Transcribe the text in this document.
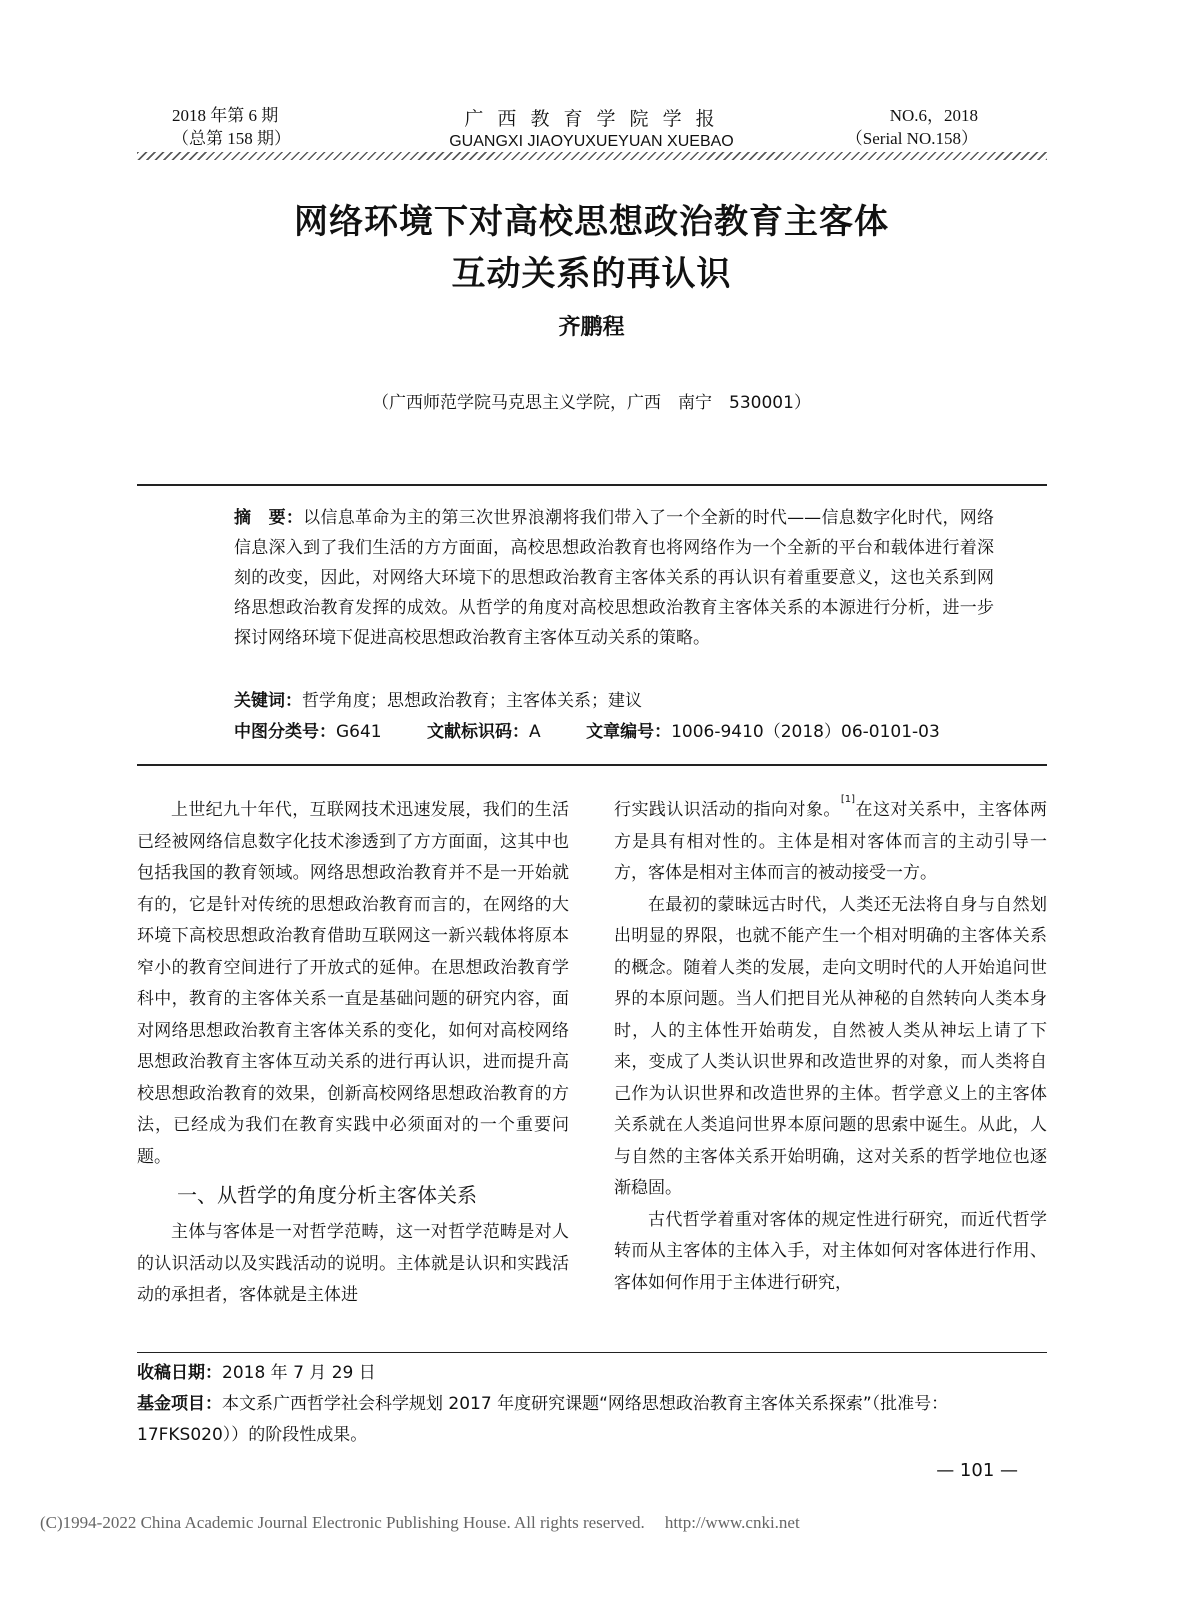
2018 年第 6 期
（总第 158 期）
广 西 教 育 学 院 学 报
GUANGXI JIAOYUXUEYUAN XUEBAO
NO.6，2018
（Serial NO.158）
网络环境下对高校思想政治教育主客体
互动关系的再认识
齐鹏程
（广西师范学院马克思主义学院，广西　南宁　530001）
摘　要：以信息革命为主的第三次世界浪潮将我们带入了一个全新的时代——信息数字化时代，网络信息深入到了我们生活的方方面面，高校思想政治教育也将网络作为一个全新的平台和载体进行着深刻的改变，因此，对网络大环境下的思想政治教育主客体关系的再认识有着重要意义，这也关系到网络思想政治教育发挥的成效。从哲学的角度对高校思想政治教育主客体关系的本源进行分析，进一步探讨网络环境下促进高校思想政治教育主客体互动关系的策略。
关键词：哲学角度；思想政治教育；主客体关系；建议
中图分类号：G641	文献标识码：A	文章编号：1006-9410（2018）06-0101-03

上世纪九十年代，互联网技术迅速发展，我们的生活已经被网络信息数字化技术渗透到了方方面面，这其中也包括我国的教育领域。网络思想政治教育并不是一开始就有的，它是针对传统的思想政治教育而言的，在网络的大环境下高校思想政治教育借助互联网这一新兴载体将原本窄小的教育空间进行了开放式的延伸。在思想政治教育学科中，教育的主客体关系一直是基础问题的研究内容，面对网络思想政治教育主客体关系的变化，如何对高校网络思想政治教育主客体互动关系的进行再认识，进而提升高校思想政治教育的效果，创新高校网络思想政治教育的方法，已经成为我们在教育实践中必须面对的一个重要问题。

一、从哲学的角度分析主客体关系

主体与客体是一对哲学范畴，这一对哲学范畴是对人的认识活动以及实践活动的说明。主体就是认识和实践活动的承担者，客体就是主体进

行实践认识活动的指向对象。[1]在这对关系中，主客体两方是具有相对性的。主体是相对客体而言的主动引导一方，客体是相对主体而言的被动接受一方。

在最初的蒙昧远古时代，人类还无法将自身与自然划出明显的界限，也就不能产生一个相对明确的主客体关系的概念。随着人类的发展，走向文明时代的人开始追问世界的本原问题。当人们把目光从神秘的自然转向人类本身时，人的主体性开始萌发，自然被人类从神坛上请了下来，变成了人类认识世界和改造世界的对象，而人类将自己作为认识世界和改造世界的主体。哲学意义上的主客体关系就在人类追问世界本原问题的思索中诞生。从此，人与自然的主客体关系开始明确，这对关系的哲学地位也逐渐稳固。

古代哲学着重对客体的规定性进行研究，而近代哲学转而从主客体的主体入手，对主体如何对客体进行作用、客体如何作用于主体进行研究，

收稿日期：2018 年 7 月 29 日
基金项目：本文系广西哲学社会科学规划 2017 年度研究课题“网络思想政治教育主客体关系探索”（批准号：17FKS020））的阶段性成果。
— 101 —
(C)1994-2022 China Academic Journal Electronic Publishing House. All rights reserved. http://www.cnki.net
